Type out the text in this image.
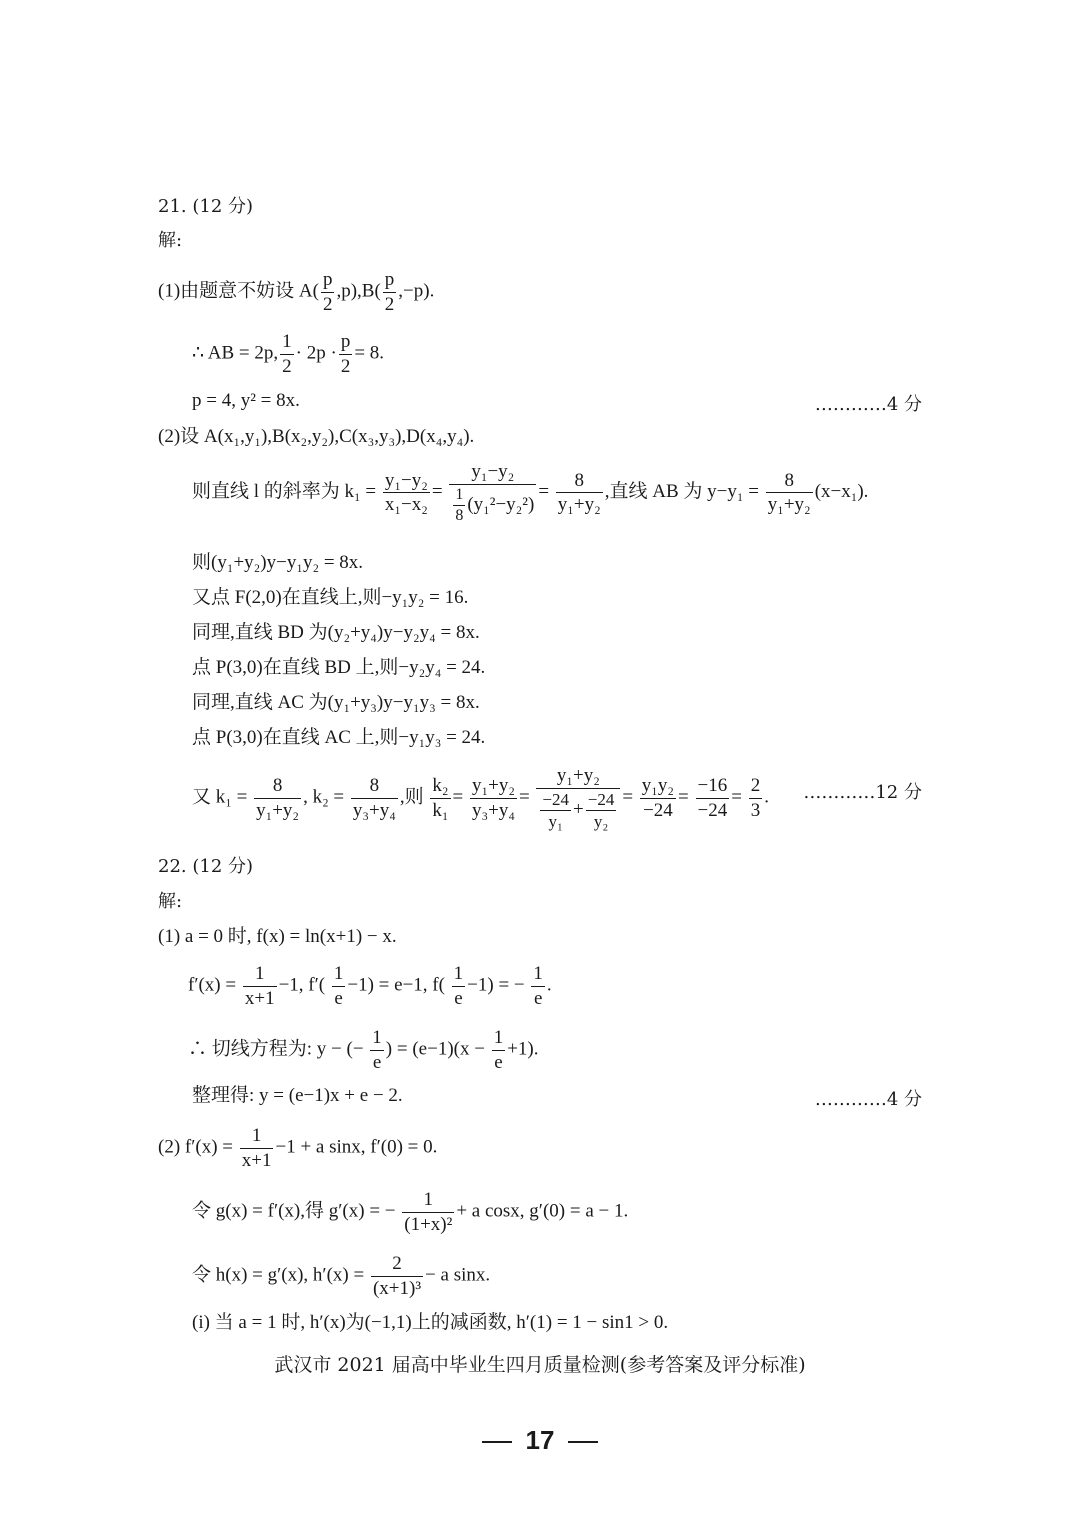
21. (12 分)
解:
(1)由题意不妨设 $A( \frac{p}{2} ,p),B( \frac{p}{2} ,-p)$.
∴ AB = 2p, $\frac{1}{2} \cdot 2p \cdot \frac{p}{2} = 8$.
p = 4, y² = 8x.	…………4 分
(2)设 A(x₁,y₁),B(x₂,y₂),C(x₃,y₃),D(x₄,y₄).
则直线 l 的斜率为 $k_1 = \frac{\text{y₁−y₂}}{\text{x₁−x₂}} = \frac{\text{y₁−y₂}}{\frac{1}{8} (y_1^2-y_2^2)} = \frac{8}{\text{y₁+y₂}}$ ,直线 AB 为 $y-y_1 = \frac{8}{\text{y₁+y₂}} (x-x_1)$.
则(y₁+y₂)y−y₁y₂ = 8x.
又点 F(2,0)在直线上,则−y₁y₂ = 16.
同理,直线 BD 为(y₂+y₄)y−y₂y₄ = 8x.
点 P(3,0)在直线 BD 上,则−y₂y₄ = 24.
同理,直线 AC 为(y₁+y₃)y−y₁y₃ = 8x.
点 P(3,0)在直线 AC 上,则−y₁y₃ = 24.
又 $k_1 = \frac{8}{\text{y₁+y₂}}$ , $k_2 = \frac{8}{\text{y₃+y₄}}$ ,则 $\frac{\text{k₂}}{\text{k₁}} = \frac{\text{y₁+y₂}}{\text{y₃+y₄}} = \frac{\text{y₁+y₂}}{\frac{-24}{\text{y₁}} + \frac{-24}{\text{y₂}}} = \frac{\text{y₁y₂}}{-24} = \frac{-16}{-24} = \frac{2}{3}$ . …………12 分
22. (12 分)
解:
(1) a = 0 时, f(x) = ln(x+1) − x.
$f'(x) = \frac{1}{x+1} -1$, $f'( \frac{1}{e} -1) = e-1$, $f( \frac{1}{e} -1)$ = − $\frac{1}{e}$ .
∴ 切线方程为: y − (− $\frac{1}{e}$ ) = $(e-1)(x - \frac{1}{e} +1)$.
整理得: y = (e−1)x + e − 2.	…………4 分
(2) $f'(x) = \frac{1}{x+1} -1 + a$ sinx, f′(0) = 0.
令 g(x) = f′(x),得 g′(x) = − $\frac{1}{\text{(1+x)²}} + a$ cosx, g′(0) = a − 1.
令 h(x) = g′(x), $h'(x) = \frac{2}{\text{(x+1)³}} - a$ sinx.
(i) 当 a = 1 时, h′(x)为(−1,1)上的减函数, h′(1) = 1 − sin1 > 0.
武汉市 2021 届高中毕业生四月质量检测(参考答案及评分标准)
17
